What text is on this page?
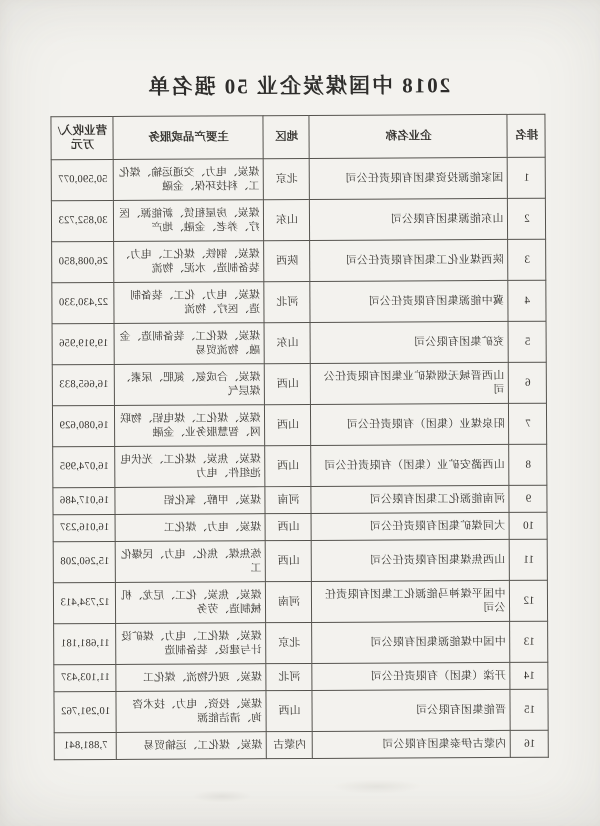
2018 中国煤炭企业 50 强名单
排名	企业名称	地区	主要产品或服务	营业收入/万元
1	国家能源投资集团有限责任公司	北京	煤炭、电力、交通运输、煤化工、科技环保、金融	50,590,077
2	山东能源集团有限公司	山东	煤炭、房屋租赁、新能源、医疗、养老、金融、地产	30,852,723
3	陕西煤业化工集团有限责任公司	陕西	煤炭、钢铁、煤化工、电力、装备制造、水泥、物流	26,008,850
4	冀中能源集团有限责任公司	河北	煤炭、电力、化工、装备制造、医疗、物流	22,430,330
5	兖矿集团有限公司	山东	煤炭、煤化工、装备制造、金融、物流贸易	19,919,956
6	山西晋城无烟煤矿业集团有限责任公司	山西	煤炭、合成氨、氮肥、尿素、煤层气	16,665,833
7	阳泉煤业（集团）有限责任公司	山西	煤炭、煤化工、煤电铝、物联网、智慧服务业、金融	16,080,629
8	山西潞安矿业（集团）有限责任公司	山西	煤炭、焦炭、煤化工、光伏电池组件、电力	16,074,995
9	河南能源化工集团有限公司	河南	煤炭、甲醇、氧化铝	16,017,486
10	大同煤矿集团有限责任公司	山西	煤炭、电力、煤化工	16,016,237
11	山西焦煤集团有限责任公司	山西	炼焦煤、焦化、电力、民爆化工	15,260,208
12	中国平煤神马能源化工集团有限责任公司	河南	煤炭、焦炭、化工、尼龙、机械制造、劳务	12,734,413
13	中国中煤能源集团有限公司	北京	煤炭、煤化工、电力、煤矿设计与建设、装备制造	11,681,181
14	开滦（集团）有限责任公司	河北	煤炭、现代物流、煤化工	11,103,437
15	晋能集团有限公司	山西	煤炭、投资、电力、技术咨询、清洁能源	10,291,762
16	内蒙古伊泰集团有限公司	内蒙古	煤炭、煤化工、运输贸易	7,881,841
